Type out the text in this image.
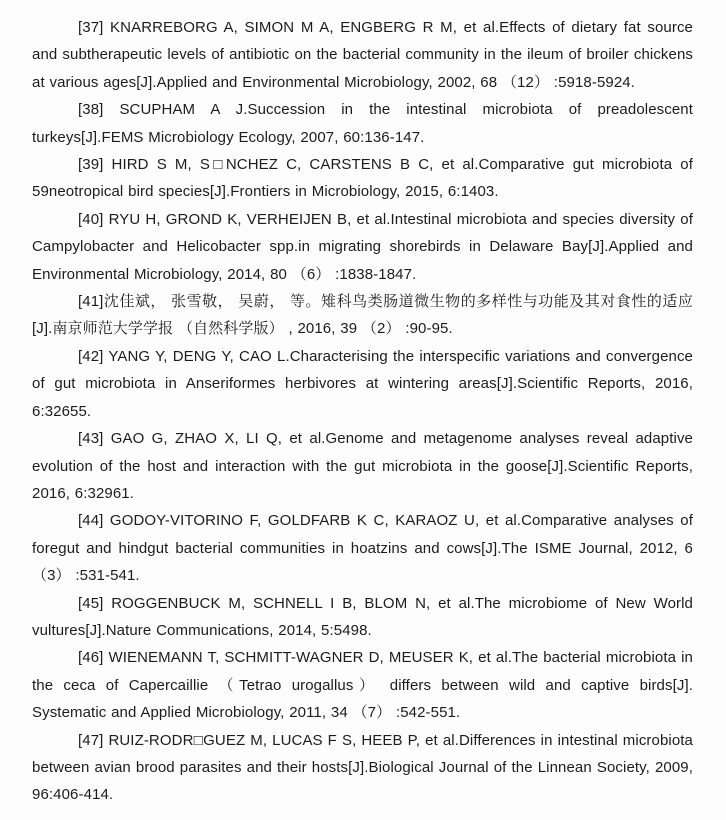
[37] KNARREBORG A, SIMON M A, ENGBERG R M, et al.Effects of dietary fat source and subtherapeutic levels of antibiotic on the bacterial community in the ileum of broiler chickens at various ages[J].Applied and Environmental Microbiology, 2002, 68 （12） :5918-5924.

[38] SCUPHAM A J.Succession in the intestinal microbiota of preadolescent turkeys[J].FEMS Microbiology Ecology, 2007, 60:136-147.

[39] HIRD S M, S□NCHEZ C, CARSTENS B C, et al.Comparative gut microbiota of 59neotropical bird species[J].Frontiers in Microbiology, 2015, 6:1403.

[40] RYU H, GROND K, VERHEIJEN B, et al.Intestinal microbiota and species diversity of Campylobacter and Helicobacter spp.in migrating shorebirds in Delaware Bay[J].Applied and Environmental Microbiology, 2014, 80 （6） :1838-1847.

[41]沈佳斌， 张雪敬， 吴蔚， 等。雉科鸟类肠道微生物的多样性与功能及其对食性的适应[J].南京师范大学学报 （自然科学版） , 2016, 39 （2） :90-95.

[42] YANG Y, DENG Y, CAO L.Characterising the interspecific variations and convergence of gut microbiota in Anseriformes herbivores at wintering areas[J].Scientific Reports, 2016, 6:32655.

[43] GAO G, ZHAO X, LI Q, et al.Genome and metagenome analyses reveal adaptive evolution of the host and interaction with the gut microbiota in the goose[J].Scientific Reports, 2016, 6:32961.

[44] GODOY-VITORINO F, GOLDFARB K C, KARAOZ U, et al.Comparative analyses of foregut and hindgut bacterial communities in hoatzins and cows[J].The ISME Journal, 2012, 6 （3） :531-541.

[45] ROGGENBUCK M, SCHNELL I B, BLOM N, et al.The microbiome of New World vultures[J].Nature Communications, 2014, 5:5498.

[46] WIENEMANN T, SCHMITT-WAGNER D, MEUSER K, et al.The bacterial microbiota in the ceca of Capercaillie （Tetrao urogallus） differs between wild and captive birds[J]. Systematic and Applied Microbiology, 2011, 34 （7） :542-551.

[47] RUIZ-RODR□GUEZ M, LUCAS F S, HEEB P, et al.Differences in intestinal microbiota between avian brood parasites and their hosts[J].Biological Journal of the Linnean Society, 2009, 96:406-414.
